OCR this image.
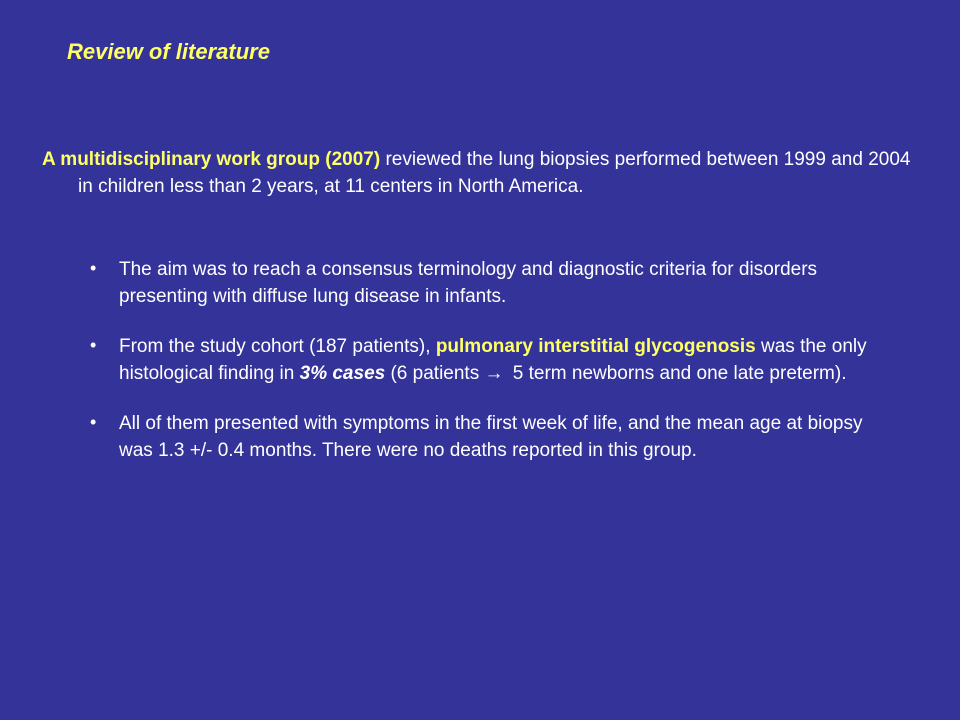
Review of literature

A multidisciplinary work group (2007) reviewed the lung biopsies performed between 1999 and 2004 in children less than 2 years, at 11 centers in North America.

• The aim was to reach a consensus terminology and diagnostic criteria for disorders presenting with diffuse lung disease in infants.
• From the study cohort (187 patients), pulmonary interstitial glycogenosis was the only histological finding in 3% cases (6 patients → 5 term newborns and one late preterm).
• All of them presented with symptoms in the first week of life, and the mean age at biopsy was 1.3 +/- 0.4 months. There were no deaths reported in this group.
